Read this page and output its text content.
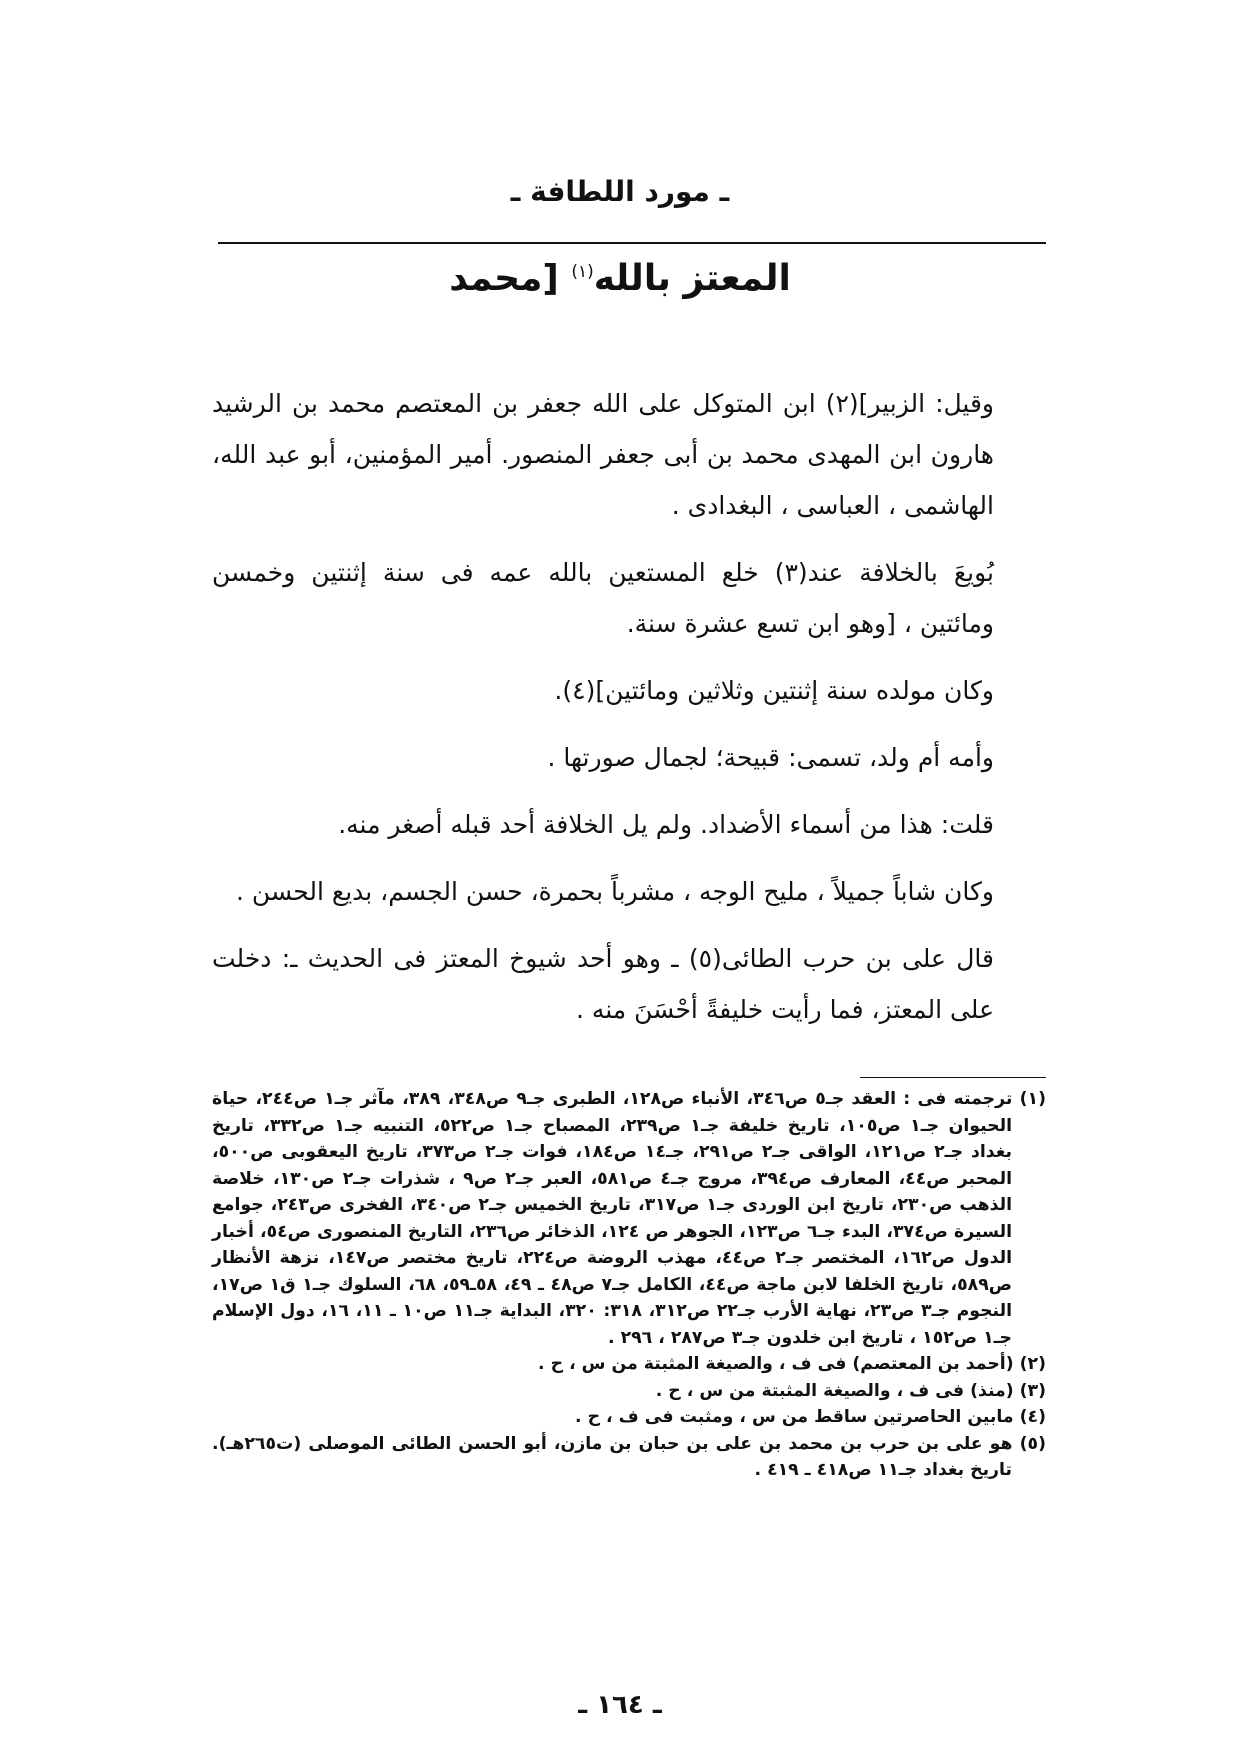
ـ مورد اللطافة ـ
المعتز بالله$^{(١)}$ [محمد

وقيل: الزبير](٢) ابن المتوكل على الله جعفر بن المعتصم محمد بن الرشيد هارون ابن المهدى محمد بن أبى جعفر المنصور. أمير المؤمنين، أبو عبد الله، الهاشمى ، العباسى ، البغدادى .

بُويعَ بالخلافة عند(٣) خلع المستعين بالله عمه فى سنة إثنتين وخمسن ومائتين ، [وهو ابن تسع عشرة سنة.

وكان مولده سنة إثنتين وثلاثين ومائتين](٤).

وأمه أم ولد، تسمى: قبيحة؛ لجمال صورتها .

قلت: هذا من أسماء الأضداد. ولم يل الخلافة أحد قبله أصغر منه.

وكان شاباً جميلاً ، مليح الوجه ، مشرباً بحمرة، حسن الجسم، بديع الحسن .

قال على بن حرب الطائى(٥) ـ وهو أحد شيوخ المعتز فى الحديث ـ: دخلت على المعتز، فما رأيت خليفةً أحْسَنَ منه .

(١) ترجمته فى : العقد جـ٥ ص٣٤٦، الأنباء ص١٢٨، الطبرى جـ٩ ص٣٤٨، ٣٨٩، مآثر جـ١ ص٢٤٤، حياة الحيوان جـ١ ص١٠٥، تاريخ خليفة جـ١ ص٢٣٩، المصباح جـ١ ص٥٢٢، التنبيه جـ١ ص٣٣٢، تاريخ بغداد جـ٢ ص١٢١، الواقى جـ٢ ص٢٩١، جـ١٤ ص١٨٤، فوات جـ٢ ص٣٧٣، تاريخ اليعقوبى ص٥٠٠، المحبر ص٤٤، المعارف ص٣٩٤، مروج جـ٤ ص٥٨١، العبر جـ٢ ص٩ ، شذرات جـ٢ ص١٣٠، خلاصة الذهب ص٢٣٠، تاريخ ابن الوردى جـ١ ص٣١٧، تاريخ الخميس جـ٢ ص٣٤٠، الفخرى ص٢٤٣، جوامع السيرة ص٣٧٤، البدء جـ٦ ص١٢٣، الجوهر ص ١٢٤، الذخائر ص٢٣٦، التاريخ المنصورى ص٥٤، أخبار الدول ص١٦٢، المختصر جـ٢ ص٤٤، مهذب الروضة ص٢٢٤، تاريخ مختصر ص١٤٧، نزهة الأنظار ص٥٨٩، تاريخ الخلفا لابن ماجة ص٤٤، الكامل جـ٧ ص٤٨ ـ ٤٩، ٥٨ـ٥٩، ٦٨، السلوك جـ١ ق١ ص١٧، النجوم جـ٣ ص٢٣، نهاية الأرب جـ٢٢ ص٣١٢، ٣١٨: ٣٢٠، البداية جـ١١ ص١٠ ـ ١١، ١٦، دول الإسلام جـ١ ص١٥٢ ، تاريخ ابن خلدون جـ٣ ص٢٨٧ ، ٢٩٦ .

(٢) (أحمد بن المعتصم) فى ف ، والصيغة المثبتة من س ، ح .

(٣) (منذ) فى ف ، والصيغة المثبتة من س ، ح .

(٤) مابين الحاصرتين ساقط من س ، ومثبت فى ف ، ح .

(٥) هو على بن حرب بن محمد بن على بن حبان بن مازن، أبو الحسن الطائى الموصلى (ت٢٦٥هـ). تاريخ بغداد جـ١١ ص٤١٨ ـ ٤١٩ .

ـ ١٦٤ ـ
